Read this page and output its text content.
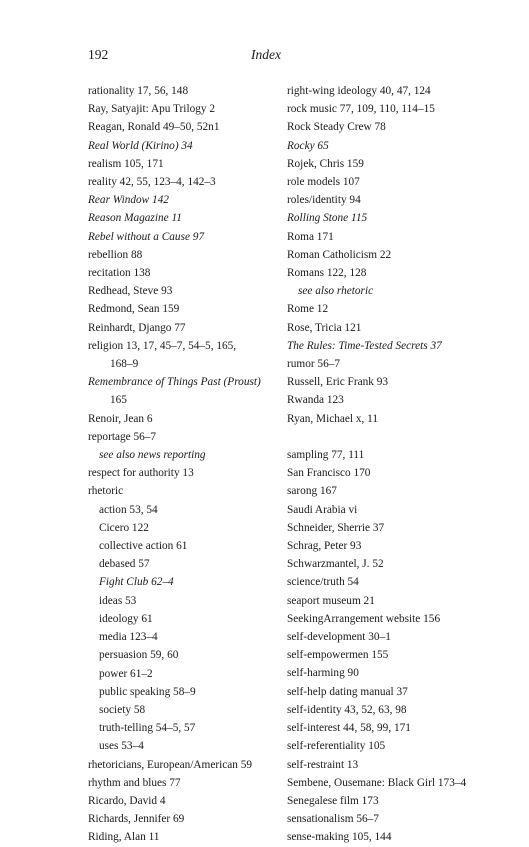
192	Index
rationality 17, 56, 148
Ray, Satyajit: Apu Trilogy 2
Reagan, Ronald 49–50, 52n1
Real World (Kirino) 34
realism 105, 171
reality 42, 55, 123–4, 142–3
Rear Window 142
Reason Magazine 11
Rebel without a Cause 97
rebellion 88
recitation 138
Redhead, Steve 93
Redmond, Sean 159
Reinhardt, Django 77
religion 13, 17, 45–7, 54–5, 165,
168–9
Remembrance of Things Past (Proust)
165
Renoir, Jean 6
reportage 56–7
see also news reporting
respect for authority 13
rhetoric
action 53, 54
Cicero 122
collective action 61
debased 57
Fight Club 62–4
ideas 53
ideology 61
media 123–4
persuasion 59, 60
power 61–2
public speaking 58–9
society 58
truth-telling 54–5, 57
uses 53–4
rhetoricians, European/American 59
rhythm and blues 77
Ricardo, David 4
Richards, Jennifer 69
Riding, Alan 11
right-wing ideology 40, 47, 124
rock music 77, 109, 110, 114–15
Rock Steady Crew 78
Rocky 65
Rojek, Chris 159
role models 107
roles/identity 94
Rolling Stone 115
Roma 171
Roman Catholicism 22
Romans 122, 128
see also rhetoric
Rome 12
Rose, Tricia 121
The Rules: Time-Tested Secrets 37
rumor 56–7
Russell, Eric Frank 93
Rwanda 123
Ryan, Michael x, 11
sampling 77, 111
San Francisco 170
sarong 167
Saudi Arabia vi
Schneider, Sherrie 37
Schrag, Peter 93
Schwarzmantel, J. 52
science/truth 54
seaport museum 21
SeekingArrangement website 156
self-development 30–1
self-empowermen 155
self-harming 90
self-help dating manual 37
self-identity 43, 52, 63, 98
self-interest 44, 58, 99, 171
self-referentiality 105
self-restraint 13
Sembene, Ousemane: Black Girl 173–4
Senegalese film 173
sensationalism 56–7
sense-making 105, 144
